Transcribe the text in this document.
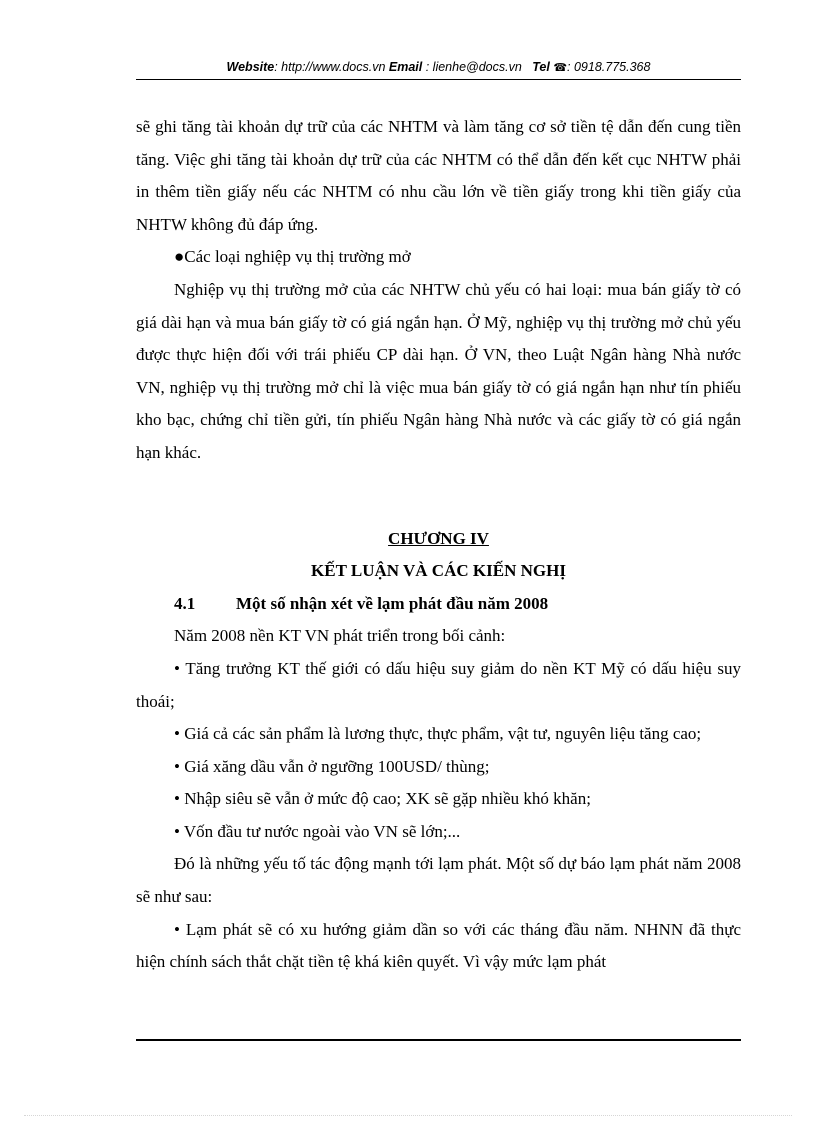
Website: http://www.docs.vn Email : lienhe@docs.vn Tel ☎: 0918.775.368

sẽ ghi tăng tài khoản dự trữ của các NHTM và làm tăng cơ sở tiền tệ dẫn đến cung tiền tăng. Việc ghi tăng tài khoản dự trữ của các NHTM có thể dẫn đến kết cục NHTW phải in thêm tiền giấy nếu các NHTM có nhu cầu lớn về tiền giấy trong khi tiền giấy của NHTW không đủ đáp ứng.

●Các loại nghiệp vụ thị trường mở

Nghiệp vụ thị trường mở của các NHTW chủ yếu có hai loại: mua bán giấy tờ có giá dài hạn và mua bán giấy tờ có giá ngắn hạn. Ở Mỹ, nghiệp vụ thị trường mở chủ yếu được thực hiện đối với trái phiếu CP dài hạn. Ở VN, theo Luật Ngân hàng Nhà nước VN, nghiệp vụ thị trường mở chỉ là việc mua bán giấy tờ có giá ngắn hạn như tín phiếu kho bạc, chứng chỉ tiền gửi, tín phiếu Ngân hàng Nhà nước và các giấy tờ có giá ngắn hạn khác.

CHƯƠNG IV

KẾT LUẬN VÀ CÁC KIẾN NGHỊ

4.1 Một số nhận xét về lạm phát đầu năm 2008

Năm 2008 nền KT VN phát triển trong bối cảnh:

• Tăng trưởng KT thế giới có dấu hiệu suy giảm do nền KT Mỹ có dấu hiệu suy thoái;

• Giá cả các sản phẩm là lương thực, thực phẩm, vật tư, nguyên liệu tăng cao;

• Giá xăng dầu vẫn ở ngưỡng 100USD/ thùng;

• Nhập siêu sẽ vẫn ở mức độ cao; XK sẽ gặp nhiều khó khăn;

• Vốn đầu tư nước ngoài vào VN sẽ lớn;...

Đó là những yếu tố tác động mạnh tới lạm phát. Một số dự báo lạm phát năm 2008 sẽ như sau:

• Lạm phát sẽ có xu hướng giảm dần so với các tháng đầu năm. NHNN đã thực hiện chính sách thắt chặt tiền tệ khá kiên quyết. Vì vậy mức lạm phát
